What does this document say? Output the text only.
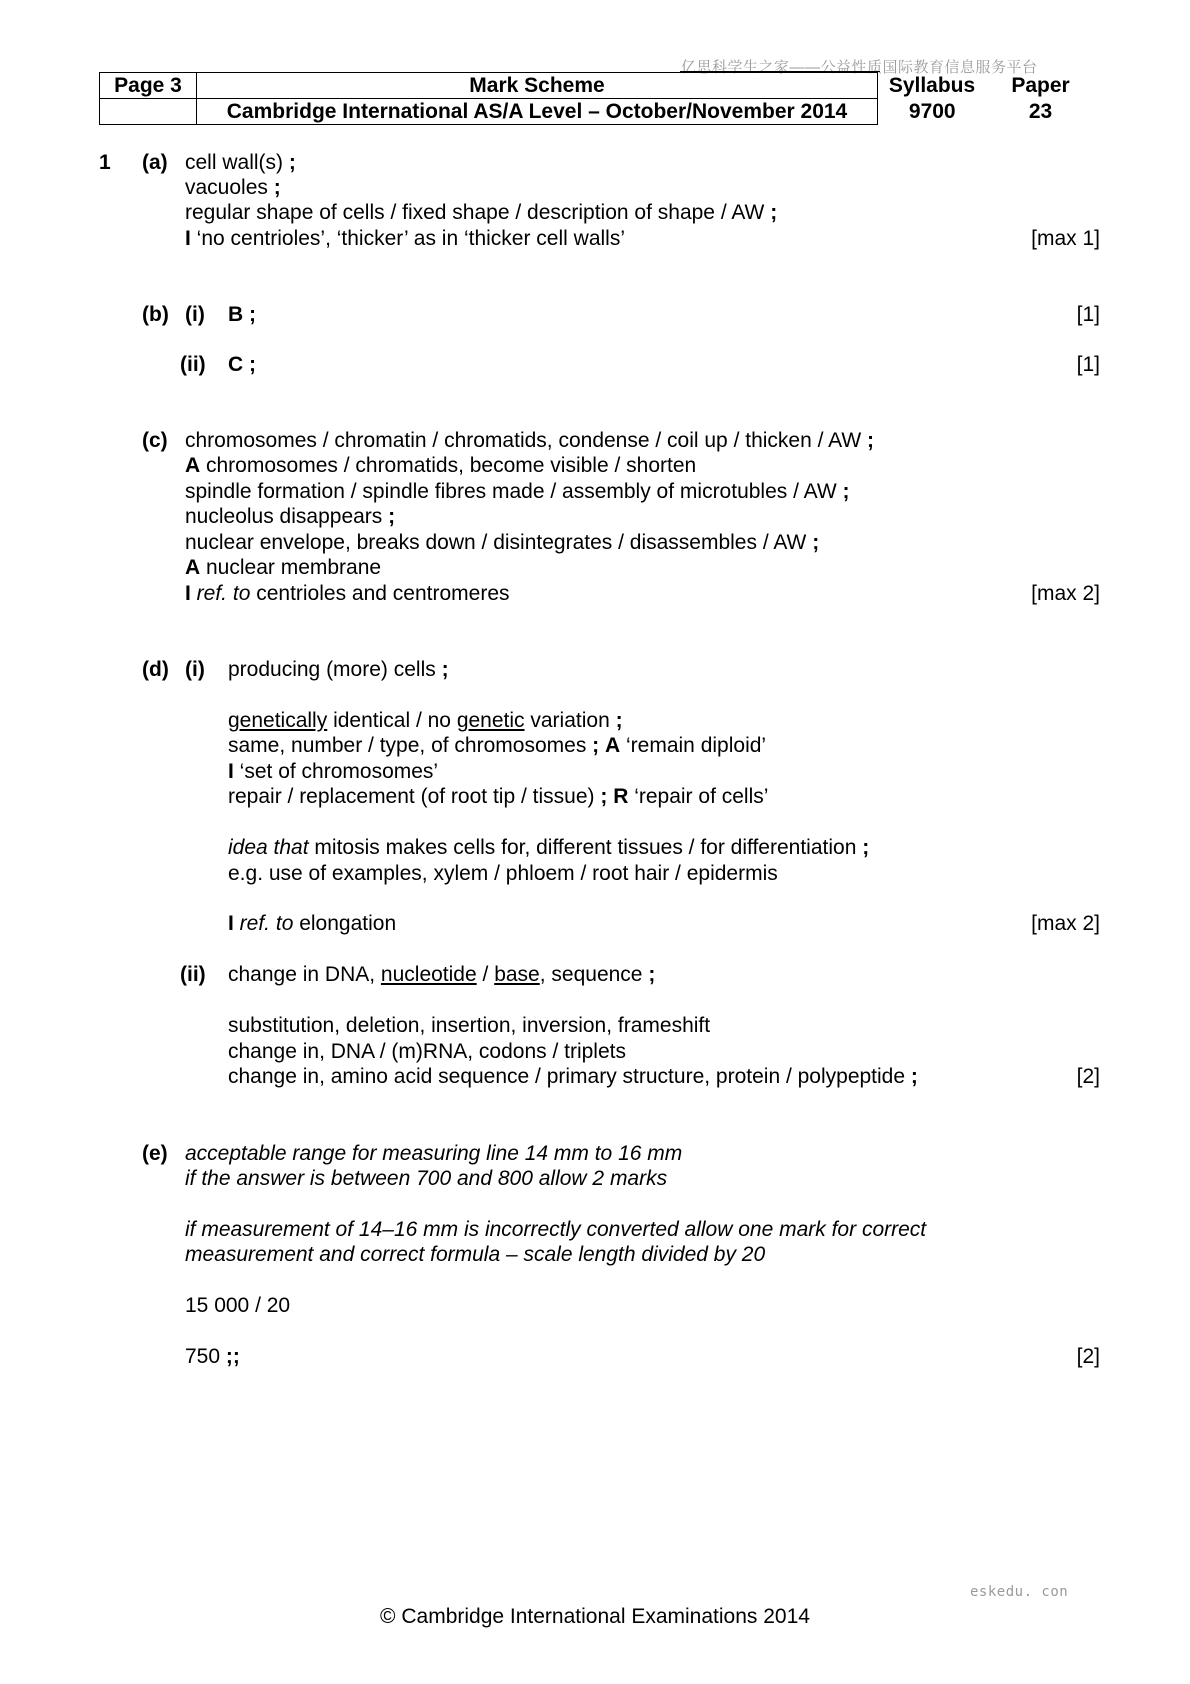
亿思科学生之家——公益性质国际教育信息服务平台
Page 3	Mark Scheme	Syllabus	Paper
	Cambridge International AS/A Level – October/November 2014	9700	23
1 (a) cell wall(s) ;
vacuoles ;
regular shape of cells / fixed shape / description of shape / AW ;
I ‘no centrioles’, ‘thicker’ as in ‘thicker cell walls’	[max 1]
(b) (i) B ;	[1]
(ii) C ;	[1]
(c) chromosomes / chromatin / chromatids, condense / coil up / thicken / AW ;
A chromosomes / chromatids, become visible / shorten
spindle formation / spindle fibres made / assembly of microtubles / AW ;
nucleolus disappears ;
nuclear envelope, breaks down / disintegrates / disassembles / AW ;
A nuclear membrane
I ref. to centrioles and centromeres	[max 2]
(d) (i) producing (more) cells ;
genetically identical / no genetic variation ;
same, number / type, of chromosomes ; A ‘remain diploid’
I ‘set of chromosomes’
repair / replacement (of root tip / tissue) ; R ‘repair of cells’
idea that mitosis makes cells for, different tissues / for differentiation ;
e.g. use of examples, xylem / phloem / root hair / epidermis
I ref. to elongation	[max 2]
(ii) change in DNA, nucleotide / base, sequence ;
substitution, deletion, insertion, inversion, frameshift
change in, DNA / (m)RNA, codons / triplets
change in, amino acid sequence / primary structure, protein / polypeptide ;	[2]
(e) acceptable range for measuring line 14 mm to 16 mm
if the answer is between 700 and 800 allow 2 marks
if measurement of 14–16 mm is incorrectly converted allow one mark for correct
measurement and correct formula – scale length divided by 20
15 000 / 20
750 ;;	[2]
eskedu. con
© Cambridge International Examinations 2014
